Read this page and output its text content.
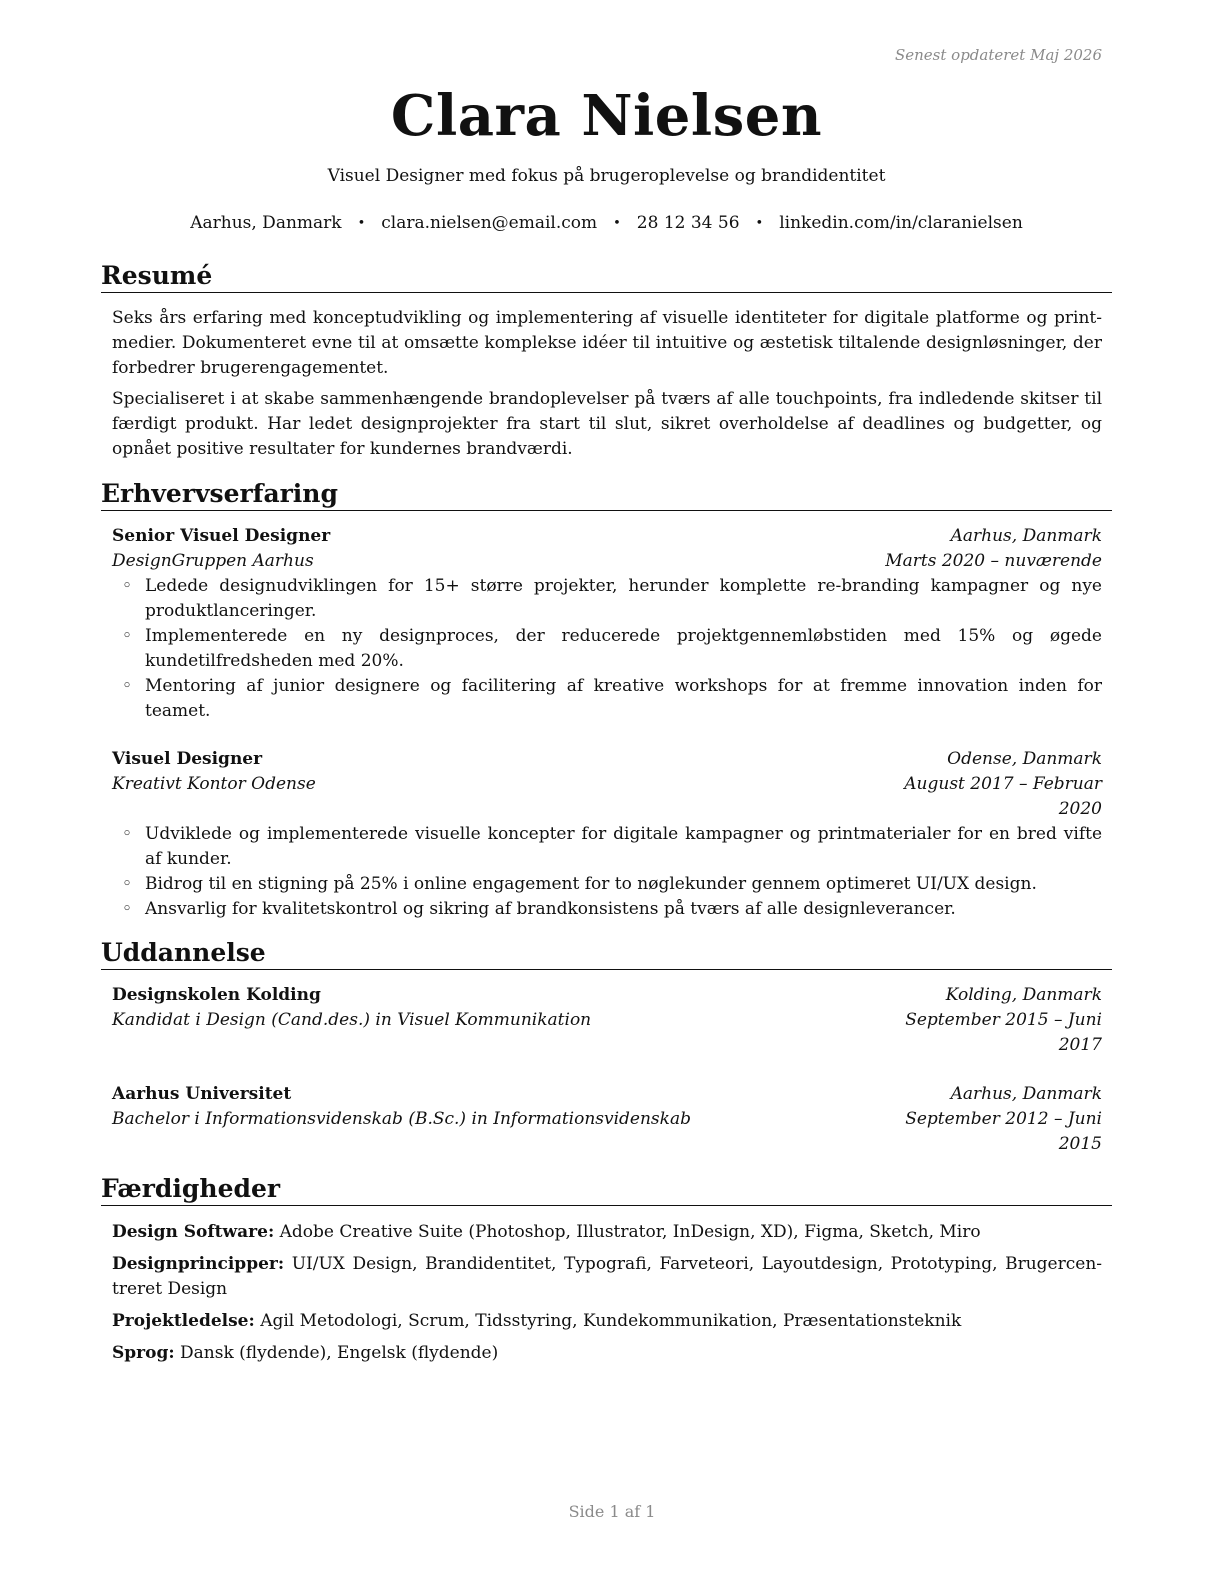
Senest opdateret Maj 2026
Clara Nielsen
Visuel Designer med fokus på brugeroplevelse og brandidentitet
Aarhus, Danmark • clara.nielsen@email.com • 28 12 34 56 • linkedin.com/in/claranielsen
Resumé

Seks års erfaring med konceptudvikling og implementering af visuelle identiteter for digitale platforme og printmedier. Dokumenteret evne til at omsætte komplekse idéer til intuitive og æstetisk tiltalende designløsninger, der forbedrer brugerengagementet.

Specialiseret i at skabe sammenhængende brandoplevelser på tværs af alle touchpoints, fra indledende skitser til færdigt produkt. Har ledet designprojekter fra start til slut, sikret overholdelse af deadlines og budgetter, og opnået positive resultater for kundernes brandværdi.

Erhvervserfaring
Senior Visuel Designer	Aarhus, Danmark
DesignGruppen Aarhus	Marts 2020 – nuværende
◦ Ledede designudviklingen for 15+ større projekter, herunder komplette re-branding kampagner og nye produktlanceringer.
◦ Implementerede en ny designproces, der reducerede projektgennemløbstiden med 15% og øgede kundetilfredsheden med 20%.
◦ Mentoring af junior designere og facilitering af kreative workshops for at fremme innovation inden for teamet.
Visuel Designer	Odense, Danmark
Kreativt Kontor Odense	August 2017 – Februar 2020
◦ Udviklede og implementerede visuelle koncepter for digitale kampagner og printmaterialer for en bred vifte af kunder.
◦ Bidrog til en stigning på 25% i online engagement for to nøglekunder gennem optimeret UI/UX design.
◦ Ansvarlig for kvalitetskontrol og sikring af brandkonsistens på tværs af alle designleverancer.
Uddannelse
Designskolen Kolding	Kolding, Danmark
Kandidat i Design (Cand.des.) in Visuel Kommunikation	September 2015 – Juni 2017
Aarhus Universitet	Aarhus, Danmark
Bachelor i Informationsvidenskab (B.Sc.) in Informationsvidenskab	September 2012 – Juni 2015
Færdigheder

Design Software: Adobe Creative Suite (Photoshop, Illustrator, InDesign, XD), Figma, Sketch, Miro

Designprincipper: UI/UX Design, Brandidentitet, Typografi, Farveteori, Layoutdesign, Prototyping, Brugercentreret Design

Projektledelse: Agil Metodologi, Scrum, Tidsstyring, Kundekommunikation, Præsentationsteknik

Sprog: Dansk (flydende), Engelsk (flydende)

Side 1 af 1
